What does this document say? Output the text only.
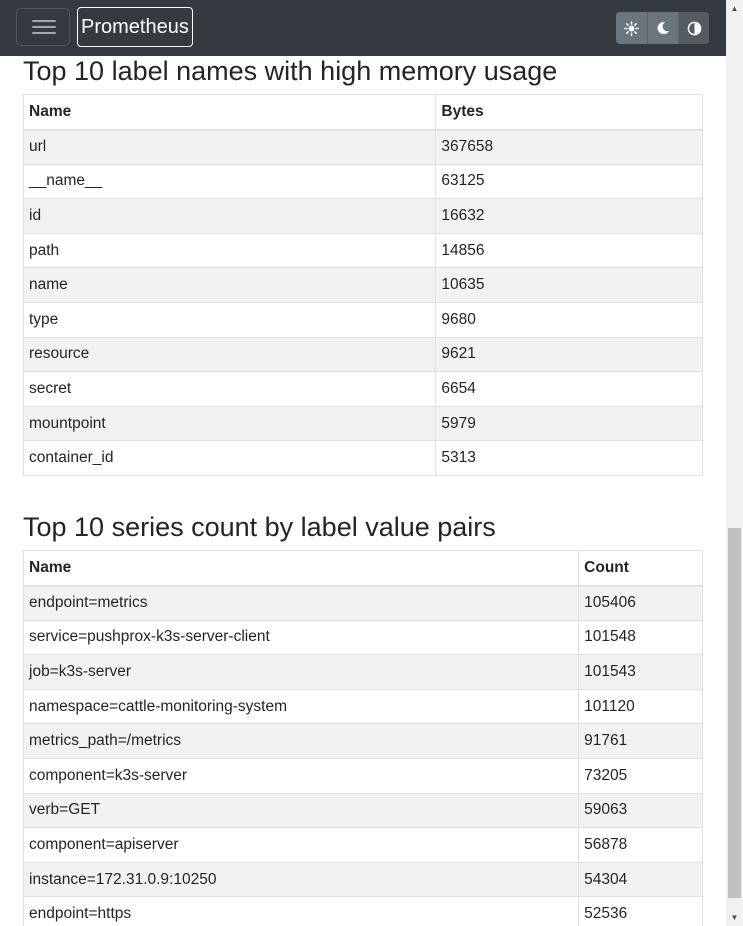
Prometheus
Top 10 label names with high memory usage
Name	Bytes
url	367658
__name__	63125
id	16632
path	14856
name	10635
type	9680
resource	9621
secret	6654
mountpoint	5979
container_id	5313
Top 10 series count by label value pairs
Name	Count
endpoint=metrics	105406
service=pushprox-k3s-server-client	101548
job=k3s-server	101543
namespace=cattle-monitoring-system	101120
metrics_path=/metrics	91761
component=k3s-server	73205
verb=GET	59063
component=apiserver	56878
instance=172.31.0.9:10250	54304
endpoint=https	52536
▲
▼
